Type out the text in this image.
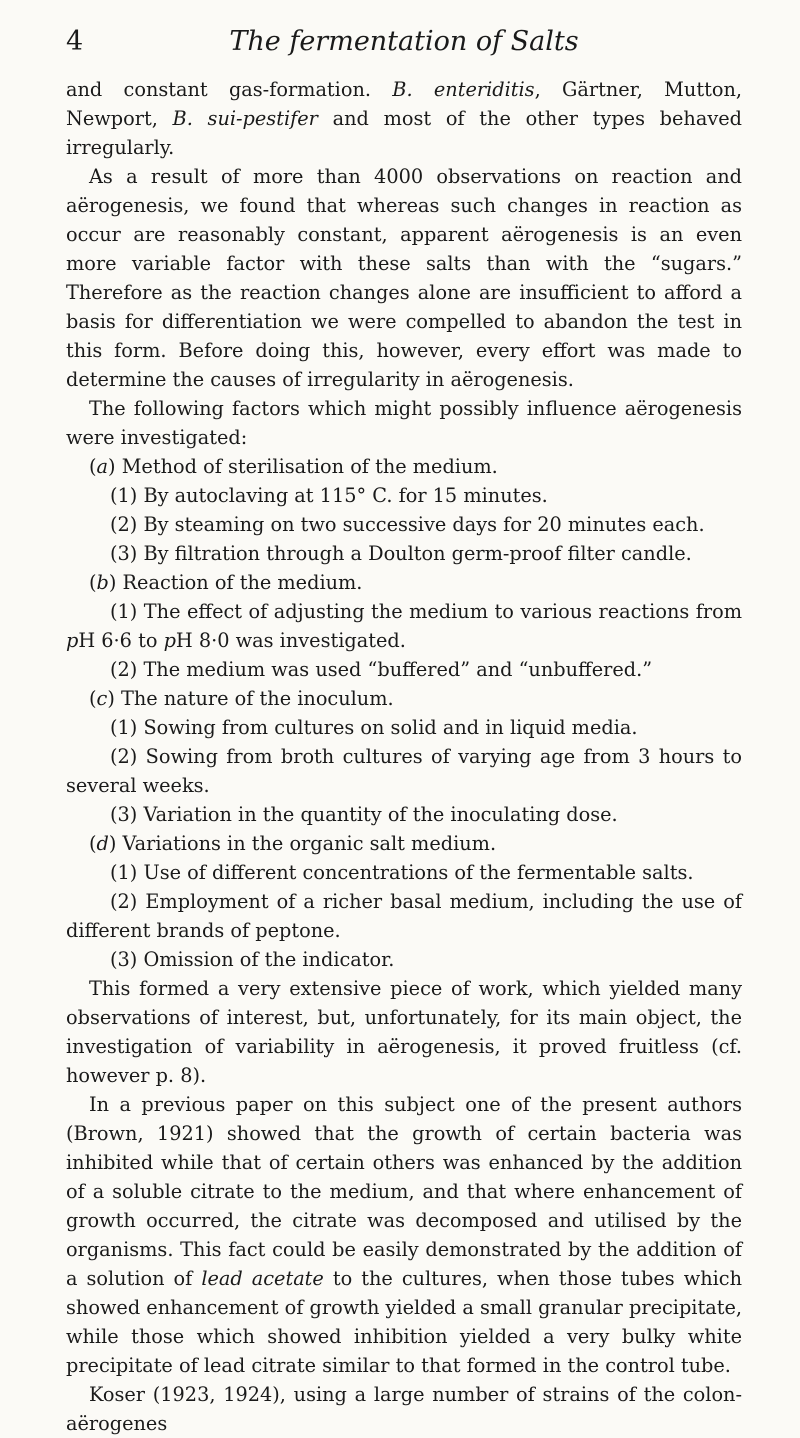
4	The fermentation of Salts

and constant gas-formation. B. enteriditis, Gärtner, Mutton, Newport, B. sui-pestifer and most of the other types behaved irregularly.

As a result of more than 4000 observations on reaction and aërogenesis, we found that whereas such changes in reaction as occur are reasonably constant, apparent aërogenesis is an even more variable factor with these salts than with the “sugars.” Therefore as the reaction changes alone are insufficient to afford a basis for differentiation we were compelled to abandon the test in this form. Before doing this, however, every effort was made to determine the causes of irregularity in aërogenesis.

The following factors which might possibly influence aërogenesis were investigated:

(a) Method of sterilisation of the medium.

(1) By autoclaving at 115° C. for 15 minutes.

(2) By steaming on two successive days for 20 minutes each.

(3) By filtration through a Doulton germ-proof filter candle.

(b) Reaction of the medium.

(1) The effect of adjusting the medium to various reactions from pH 6·6 to pH 8·0 was investigated.

(2) The medium was used “buffered” and “unbuffered.”

(c) The nature of the inoculum.

(1) Sowing from cultures on solid and in liquid media.

(2) Sowing from broth cultures of varying age from 3 hours to several weeks.

(3) Variation in the quantity of the inoculating dose.

(d) Variations in the organic salt medium.

(1) Use of different concentrations of the fermentable salts.

(2) Employment of a richer basal medium, including the use of different brands of peptone.

(3) Omission of the indicator.

This formed a very extensive piece of work, which yielded many observations of interest, but, unfortunately, for its main object, the investigation of variability in aërogenesis, it proved fruitless (cf. however p. 8).

In a previous paper on this subject one of the present authors (Brown, 1921) showed that the growth of certain bacteria was inhibited while that of certain others was enhanced by the addition of a soluble citrate to the medium, and that where enhancement of growth occurred, the citrate was decomposed and utilised by the organisms. This fact could be easily demonstrated by the addition of a solution of lead acetate to the cultures, when those tubes which showed enhancement of growth yielded a small granular precipitate, while those which showed inhibition yielded a very bulky white precipitate of lead citrate similar to that formed in the control tube.

Koser (1923, 1924), using a large number of strains of the colon-aërogenes
